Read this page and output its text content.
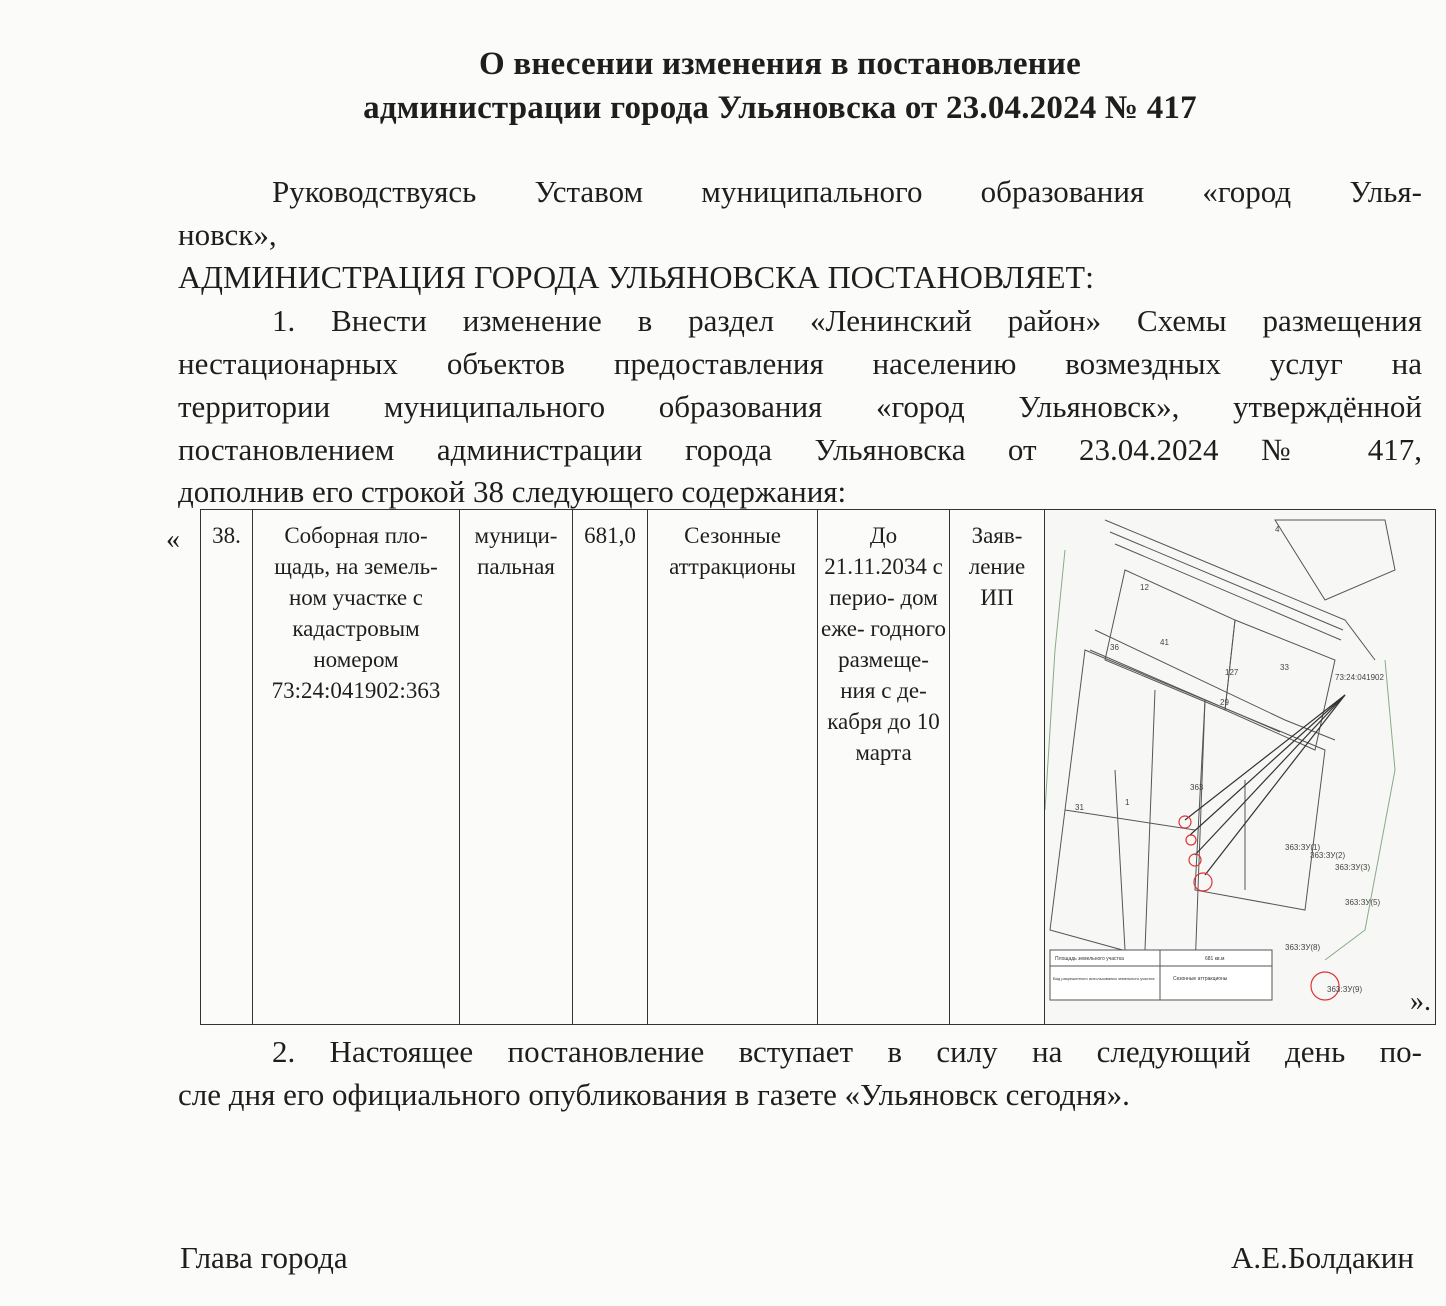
О внесении изменения в постановление
администрации города Ульяновска от 23.04.2024 № 417
Руководствуясь Уставом муниципального образования «город Улья-
новск»,
АДМИНИСТРАЦИЯ ГОРОДА УЛЬЯНОВСКА ПОСТАНОВЛЯЕТ:
1. Внести изменение в раздел «Ленинский район» Схемы размещения
нестационарных объектов предоставления населению возмездных услуг на
территории муниципального образования «город Ульяновск», утверждённой
постановлением администрации города Ульяновска от 23.04.2024 № 417,
дополнив его строкой 38 следующего содержания:
« 38.	Соборная пло- щадь, на земель- ном участке с кадастровым номером 73:24:041902:363	муници- пальная	681,0	Сезонные аттракционы	До 21.11.2034 с перио- дом еже- годного размеще- ния с де- кабря до 10 марта	Заяв- ление ИП	
73:24:041902
4
12
41
36
33
127
29
363
31
1
363:ЗУ(1)
363:ЗУ(2)
363:ЗУ(3)
363:ЗУ(5)
363:ЗУ(8)
363:ЗУ(9)
Площадь земельного участка	681 кв.м
Вид разрешенного использования земельного участка	Сезонные аттракционы
».
2. Настоящее постановление вступает в силу на следующий день по-
сле дня его официального опубликования в газете «Ульяновск сегодня».
Глава города	А.Е.Болдакин
